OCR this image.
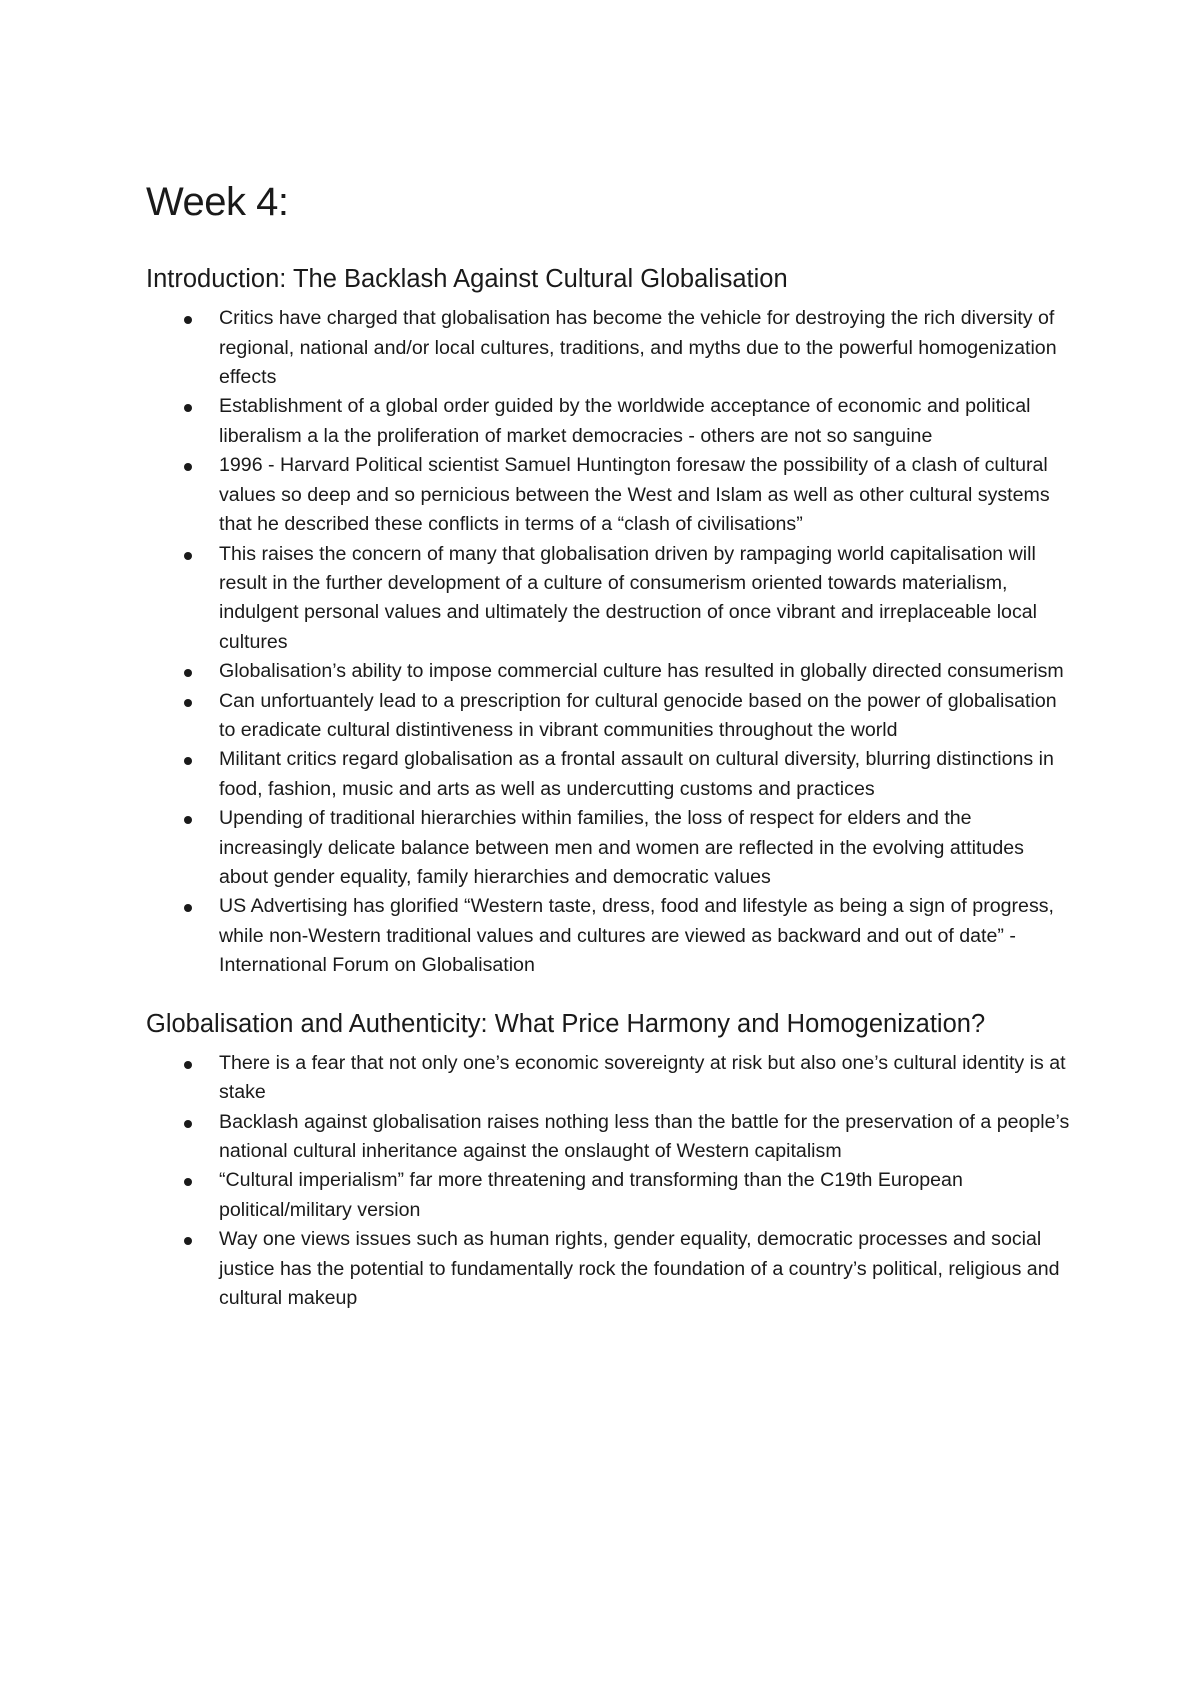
Week 4:
Introduction: The Backlash Against Cultural Globalisation
Critics have charged that globalisation has become the vehicle for destroying the rich diversity of regional, national and/or local cultures, traditions, and myths due to the powerful homogenization effects
Establishment of a global order guided by the worldwide acceptance of economic and political liberalism a la the proliferation of market democracies - others are not so sanguine
1996 - Harvard Political scientist Samuel Huntington foresaw the possibility of a clash of cultural values so deep and so pernicious between the West and Islam as well as other cultural systems that he described these conflicts in terms of a “clash of civilisations”
This raises the concern of many that globalisation driven by rampaging world capitalisation will result in the further development of a culture of consumerism oriented towards materialism, indulgent personal values and ultimately the destruction of once vibrant and irreplaceable local cultures
Globalisation’s ability to impose commercial culture has resulted in globally directed consumerism
Can unfortuantely lead to a prescription for cultural genocide based on the power of globalisation to eradicate cultural distintiveness in vibrant communities throughout the world
Militant critics regard globalisation as a frontal assault on cultural diversity, blurring distinctions in food, fashion, music and arts as well as undercutting customs and practices
Upending of traditional hierarchies within families, the loss of respect for elders and the increasingly delicate balance between men and women are reflected in the evolving attitudes about gender equality, family hierarchies and democratic values
US Advertising has glorified “Western taste, dress, food and lifestyle as being a sign of progress, while non-Western traditional values and cultures are viewed as backward and out of date” - International Forum on Globalisation
Globalisation and Authenticity: What Price Harmony and Homogenization?
There is a fear that not only one’s economic sovereignty at risk but also one’s cultural identity is at stake
Backlash against globalisation raises nothing less than the battle for the preservation of a people’s national cultural inheritance against the onslaught of Western capitalism
“Cultural imperialism” far more threatening and transforming than the C19th European political/military version
Way one views issues such as human rights, gender equality, democratic processes and social justice has the potential to fundamentally rock the foundation of a country’s political, religious and cultural makeup
